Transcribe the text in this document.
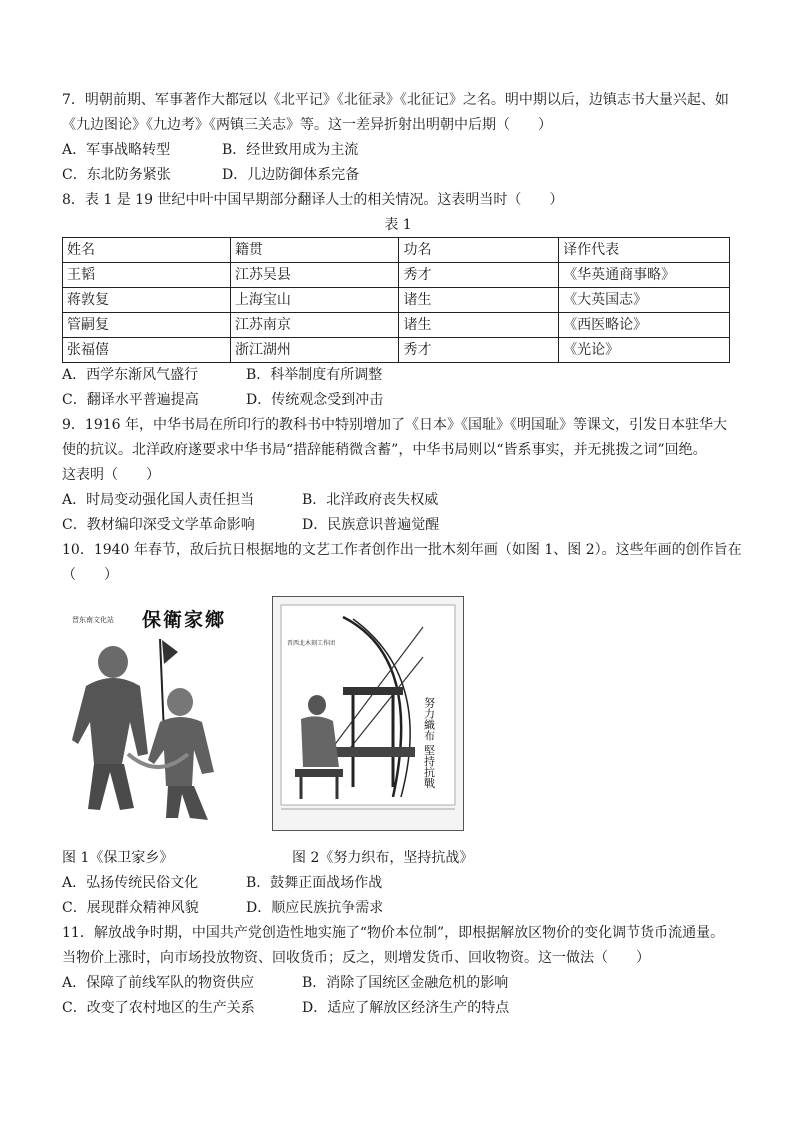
7．明朝前期、军事著作大都冠以《北平记》《北征录》《北征记》之名。明中期以后，边镇志书大量兴起、如
《九边图论》《九边考》《两镇三关志》等。这一差异折射出明朝中后期（　　）
A．军事战略转型	B．经世致用成为主流
C．东北防务紧张	D．儿边防御体系完备
8．表 1 是 19 世纪中叶中国早期部分翻译人士的相关情况。这表明当时（　　）
表 1
姓名	籍贯	功名	译作代表
王韬	江苏吴县	秀才	《华英通商事略》
蒋敦复	上海宝山	诸生	《大英国志》
管嗣复	江苏南京	诸生	《西医略论》
张福僖	浙江湖州	秀才	《光论》
A．西学东渐风气盛行	B．科举制度有所调整
C．翻译水平普遍提高	D．传统观念受到冲击
9．1916 年，中华书局在所印行的教科书中特别增加了《日本》《国耻》《明国耻》等课文，引发日本驻华大
使的抗议。北洋政府遂要求中华书局“措辞能稍微含蓄”，中华书局则以“皆系事实，并无挑拨之词”回绝。
这表明（　　）
A．时局变动强化国人责任担当	B．北洋政府丧失权威
C．教材编印深受文学革命影响	D．民族意识普遍觉醒
10．1940 年春节，敌后抗日根据地的文艺工作者创作出一批木刻年画（如图 1、图 2）。这些年画的创作旨在
（　　）
晋东南文化站 保衛家鄉
晋西北木刻工作团
努力織布 堅持抗戰
图 1《保卫家乡》	图 2《努力织布，坚持抗战》
A．弘扬传统民俗文化	B．鼓舞正面战场作战
C．展现群众精神风貌	D．顺应民族抗争需求
11．解放战争时期，中国共产党创造性地实施了“物价本位制”，即根据解放区物价的变化调节货币流通量。
当物价上涨时，向市场投放物资、回收货币；反之，则增发货币、回收物资。这一做法（　　）
A．保障了前线军队的物资供应	B．消除了国统区金融危机的影响
C．改变了农村地区的生产关系	D．适应了解放区经济生产的特点
